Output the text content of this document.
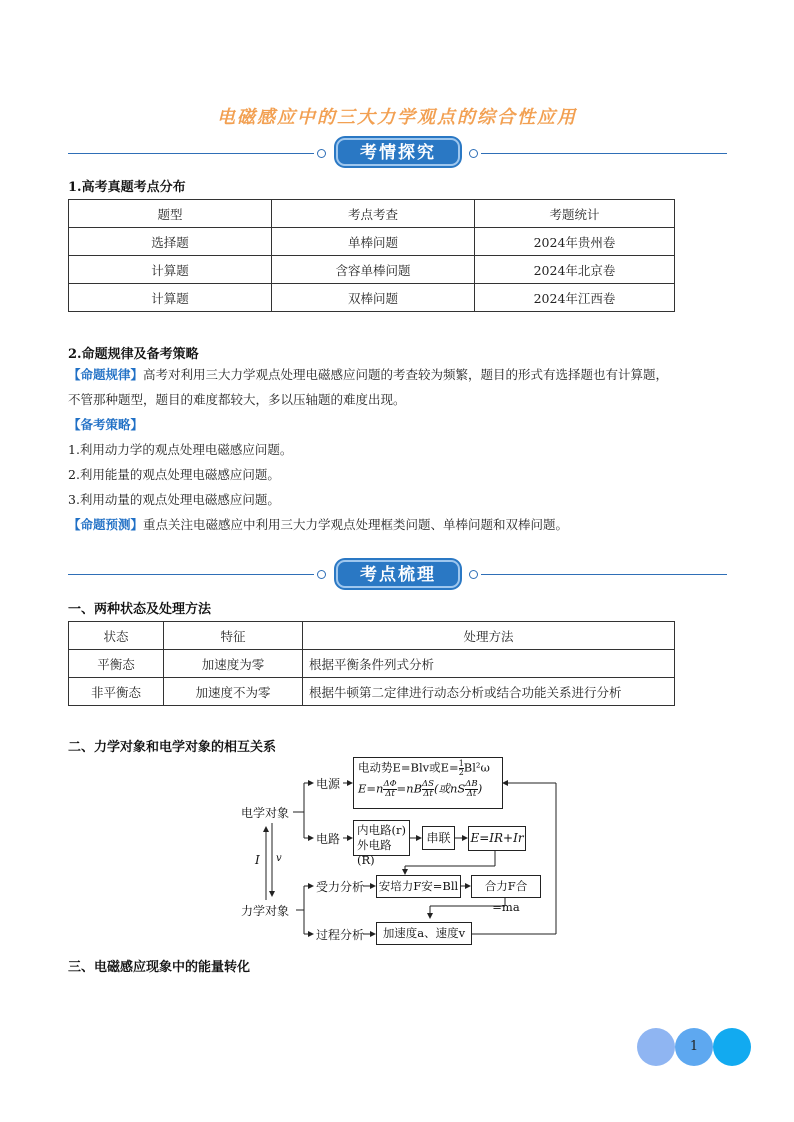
电磁感应中的三大力学观点的综合性应用
考情探究
1.高考真题考点分布
题型	考点考查	考题统计
选择题	单棒问题	2024年贵州卷
计算题	含容单棒问题	2024年北京卷
计算题	双棒问题	2024年江西卷
2.命题规律及备考策略
【命题规律】高考对利用三大力学观点处理电磁感应问题的考查较为频繁，题目的形式有选择题也有计算题，
不管那种题型，题目的难度都较大，多以压轴题的难度出现。
【备考策略】
1.利用动力学的观点处理电磁感应问题。
2.利用能量的观点处理电磁感应问题。
3.利用动量的观点处理电磁感应问题。
【命题预测】重点关注电磁感应中利用三大力学观点处理框类问题、单棒问题和双棒问题。
考点梳理
一、两种状态及处理方法
状态	特征	处理方法
平衡态	加速度为零	根据平衡条件列式分析
非平衡态	加速度不为零	根据牛顿第二定律进行动态分析或结合功能关系进行分析
二、力学对象和电学对象的相互关系
电学对象
力学对象
I v
电源
电路
受力分析
过程分析
电动势E=Blv或$E= \frac{1}{2} Bl^2\omega$
$E=n \frac{\Delta\Phi}{\Delta t} =nB \frac{\Delta S}{\Delta t}$ (或nS $\frac{\Delta B}{\Delta t}$ )
内电路(r)
外电路(R)
串联	E=IR+Ir
安培力F安=Bll	合力F合=ma
加速度a、速度v
三、电磁感应现象中的能量转化
1
